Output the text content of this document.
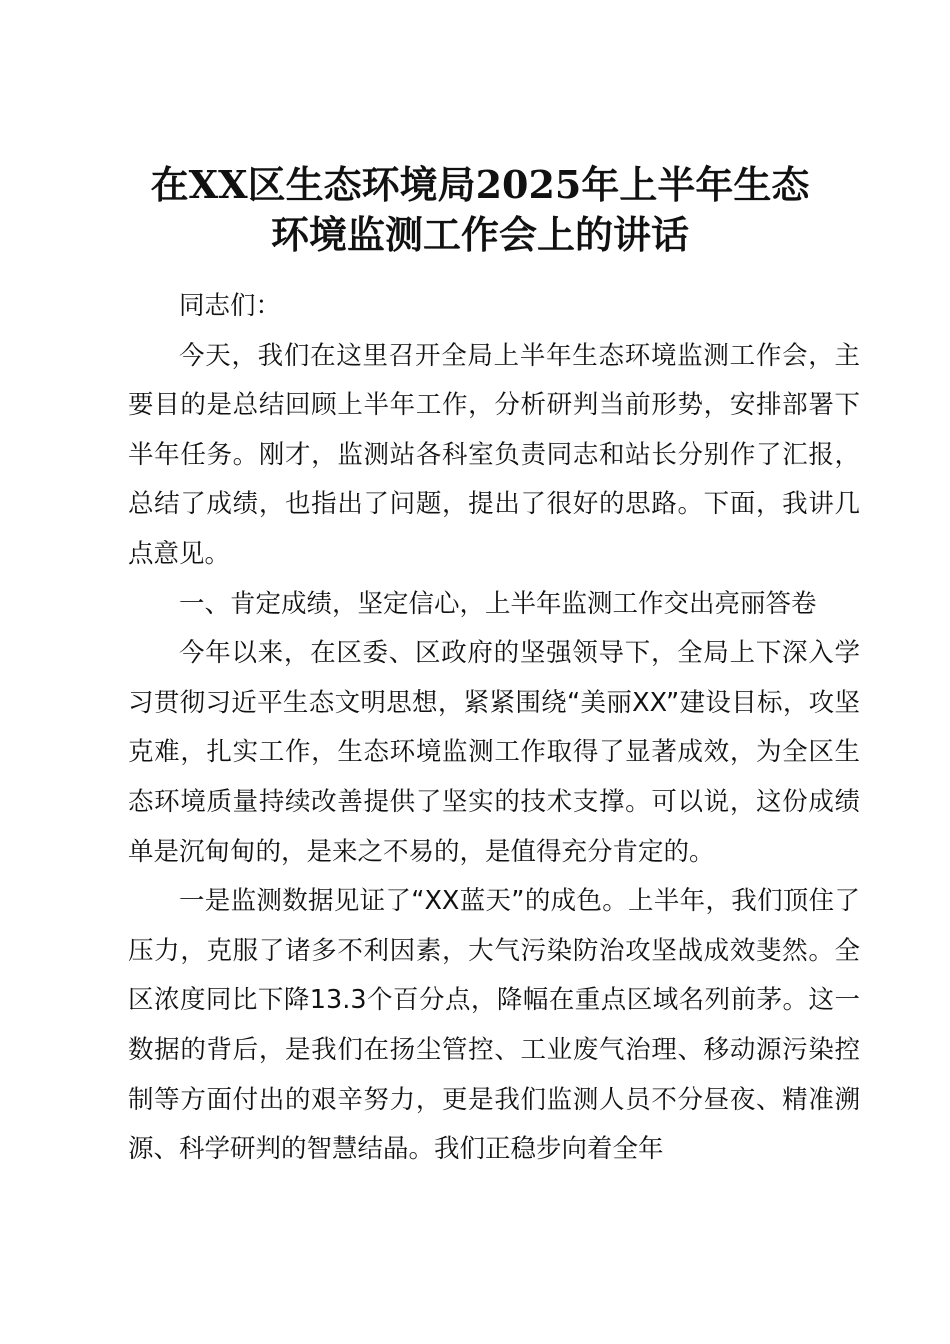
在XX区生态环境局2025年上半年生态
环境监测工作会上的讲话

同志们：

今天，我们在这里召开全局上半年生态环境监测工作会，主要目的是总结回顾上半年工作，分析研判当前形势，安排部署下半年任务。刚才，监测站各科室负责同志和站长分别作了汇报，总结了成绩，也指出了问题，提出了很好的思路。下面，我讲几点意见。

一、肯定成绩，坚定信心，上半年监测工作交出亮丽答卷

今年以来，在区委、区政府的坚强领导下，全局上下深入学习贯彻习近平生态文明思想，紧紧围绕“美丽XX”建设目标，攻坚克难，扎实工作，生态环境监测工作取得了显著成效，为全区生态环境质量持续改善提供了坚实的技术支撑。可以说，这份成绩单是沉甸甸的，是来之不易的，是值得充分肯定的。

一是监测数据见证了“XX蓝天”的成色。上半年，我们顶住了压力，克服了诸多不利因素，大气污染防治攻坚战成效斐然。全区浓度同比下降13.3个百分点，降幅在重点区域名列前茅。这一数据的背后，是我们在扬尘管控、工业废气治理、移动源污染控制等方面付出的艰辛努力，更是我们监测人员不分昼夜、精准溯源、科学研判的智慧结晶。我们正稳步向着全年
